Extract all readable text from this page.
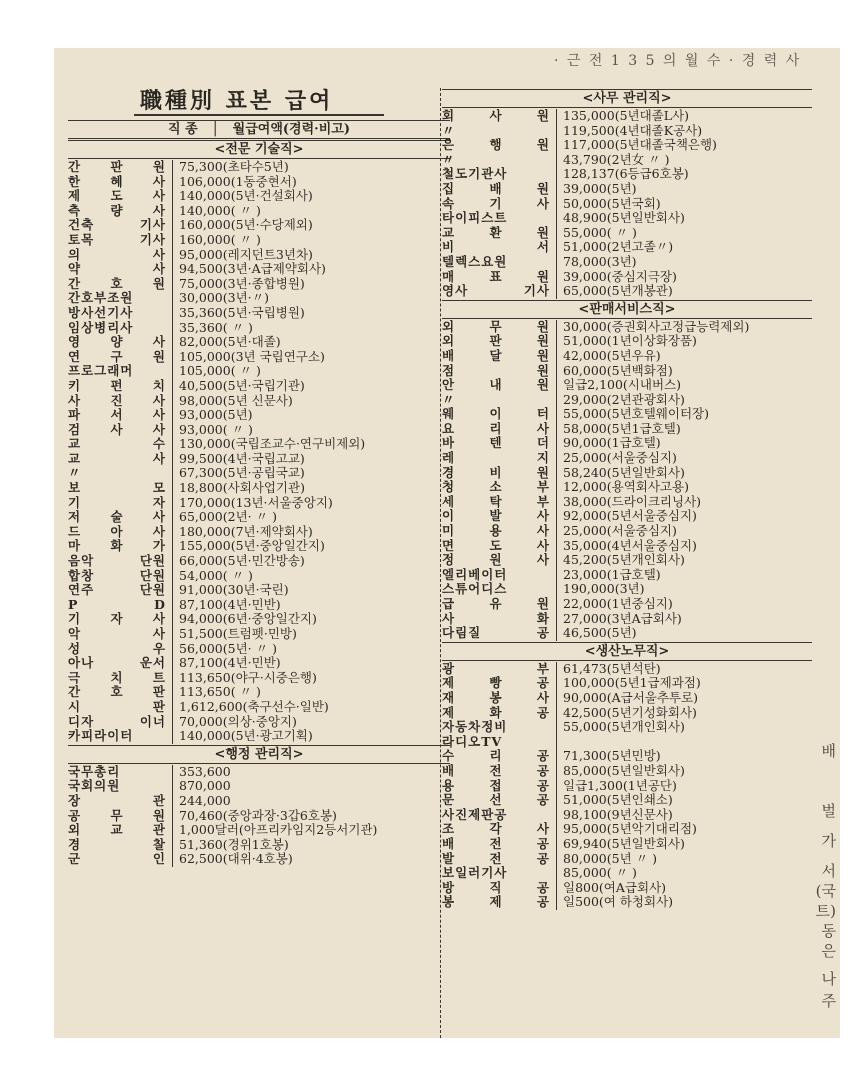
· 근 전 1 3 5 의 월 수 · 경 력 사
배
벌
가
서
(국
트)
동
은
나
주
職種別 표본 급여
직 종   │   월급여액(경력·비고)
<전문 기술직>
간 판 원	75,300(초타수5년)
한 혜 사	106,000(1동중현서)
제 도 사	140,000(5년·건설회사)
측 량 사	140,000( 〃 )
건축 기사	160,000(5년·수당제외)
토목 기사	160,000( 〃 )
의 사	95,000(레지던트3년차)
약 사	94,500(3년·A급제약회사)
간 호 원	75,000(3년·종합병원)
간호부조원	30,000(3년·〃)
방사선기사	35,360(5년·국립병원)
임상병리사	35,360( 〃 )
영 양 사	82,000(5년·대졸)
연 구 원	105,000(3년 국립연구소)
프로그래머	105,000( 〃 )
키 펀 치	40,500(5년·국립기관)
사 진 사	98,000(5년 신문사)
파 서 사	93,000(5년)
검 사 사	93,000( 〃 )
교 수	130,000(국립조교수·연구비제외)
교 사	99,500(4년·국립고교)
〃	67,300(5년·공립국교)
보 모	18,800(사회사업기관)
기 자	170,000(13년·서울중앙지)
저 술 사	65,000(2년· 〃 )
드 아 사	180,000(7년·제약회사)
마 화 가	155,000(5년·중앙일간지)
음악 단원	66,000(5년·민간방송)
합창 단원	54,000( 〃 )
연주 단원	91,000(30년·국린)
P D	87,100(4년·민반)
기 자 사	94,000(6년·중앙일간지)
악 사	51,500(트럼펫·민방)
성 우	56,000(5년· 〃 )
아나 운서	87,100(4년·민반)
극 치 트	113,650(야구·시중은행)
간 호 판	113,650( 〃 )
시 판	1,612,600(축구선수·일반)
디자 이너	70,000(의상·중앙지)
카피라이터	140,000(5년·광고기획)
<행정 관리직>
국무총리	353,600
국회의원	870,000
장 관	244,000
공 무 원	70,460(중앙과장·3갑6호봉)
외 교 관	1,000달러(아프리카임지2등서기관)
경 찰	51,360(경위1호봉)
군 인	62,500(대위·4호봉)
<사무 관리직>
회 사 원	135,000(5년대졸L사)
〃	119,500(4년대졸K공사)
은 행 원	117,000(5년대졸국책은행)
〃	43,790(2년女 〃 )
철도기관사	128,137(6등급6호봉)
집 배 원	39,000(5년)
속 기 사	50,000(5년국회)
타이피스트	48,900(5년일반회사)
교 환 원	55,000( 〃 )
비 서	51,000(2년고졸〃)
텔렉스요원	78,000(3년)
매 표 원	39,000(중심지극장)
영사 기사	65,000(5년개봉관)
<판매서비스직>
외 무 원	30,000(증권회사고정급능력제외)
외 판 원	51,000(1년이상화장품)
배 달 원	42,000(5년우유)
점 원	60,000(5년백화점)
안 내 원	일급2,100(시내버스)
〃	29,000(2년관광회사)
웨 이 터	55,000(5년호텔웨이터장)
요 리 사	58,000(5년1급호텔)
바 텐 더	90,000(1급호텔)
레 지	25,000(서울중심지)
경 비 원	58,240(5년일반회사)
청 소 부	12,000(용역회사고용)
세 탁 부	38,000(드라이크리닝사)
이 발 사	92,000(5년서울중심지)
미 용 사	25,000(서울중심지)
면 도 사	35,000(4년서울중심지)
정 원 사	45,200(5년개인회사)
엘리베이터	23,000(1급호텔)
스튜어디스	190,000(3년)
급 유 원	22,000(1년중심지)
사 화	27,000(3년A급회사)
다림질 공	46,500(5년)
<생산노무직>
광 부	61,473(5년석탄)
제 빵 공	100,000(5년1급제과점)
재 봉 사	90,000(A급서울추투로)
제 화 공	42,500(5년기성화회사)
자동차정비	55,000(5년개인회사)
라디오TV
수 리 공	71,300(5년민방)
배 전 공	85,000(5년일반회사)
용 접 공	일급1,300(1년공단)
문 선 공	51,000(5년인쇄소)
사진제판공	98,100(9년신문사)
조 각 사	95,000(5년악기대리점)
배 전 공	69,940(5년일반회사)
발 전 공	80,000(5년 〃 )
보일러기사	85,000( 〃 )
방 직 공	일800(여A급회사)
봉 제 공	일500(여 하청회사)
